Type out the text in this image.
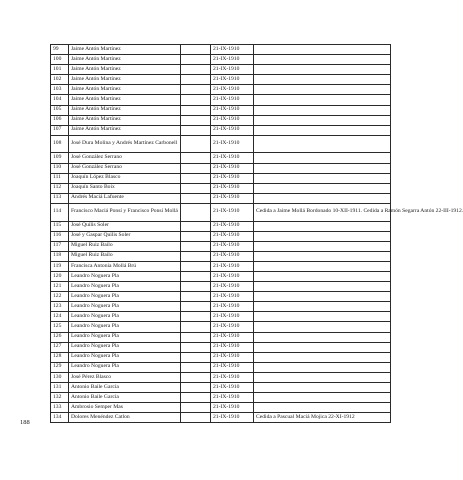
188
99	Jaime Antón Martínez		21-IX-1910	
100	Jaime Antón Martínez		21-IX-1910	
101	Jaime Antón Martínez		21-IX-1910	
102	Jaime Antón Martínez		21-IX-1910	
103	Jaime Antón Martínez		21-IX-1910	
104	Jaime Antón Martínez		21-IX-1910	
105	Jaime Antón Martínez		21-IX-1910	
106	Jaime Antón Martínez		21-IX-1910	
107	Jaime Antón Martínez		21-IX-1910	
108	José Dura Molina y Andrés Martínez Carbonell		21-IX-1910	
109	José González Serrano		21-IX-1910	
110	José González Serrano		21-IX-1910	
111	Joaquín López Blasco		21-IX-1910	
112	Joaquín Santo Boix		21-IX-1910	
113	Andrés Maciá Lafuente		21-IX-1910	
114	Francisco Maciá Ponsí y Francisco Ponsí Mollá		21-IX-1910	Cedida a Jaime Mollá Bordonado 10-XII-1911. Cedida a Ramón Segarra Antón 22-III-1912.
115	José Quilis Soler		21-IX-1910	
116	José y Gaspar Quilis Soler		21-IX-1910	
117	Miguel Ruiz Bailo		21-IX-1910	
118	Miguel Ruiz Bailo		21-IX-1910	
119	Francisca Antonia Mollá Brú		21-IX-1910	
120	Leandro Noguera Pla		21-IX-1910	
121	Leandro Noguera Pla		21-IX-1910	
122	Leandro Noguera Pla		21-IX-1910	
123	Leandro Noguera Pla		21-IX-1910	
124	Leandro Noguera Pla		21-IX-1910	
125	Leandro Noguera Pla		21-IX-1910	
126	Leandro Noguera Pla		21-IX-1910	
127	Leandro Noguera Pla		21-IX-1910	
128	Leandro Noguera Pla		21-IX-1910	
129	Leandro Noguera Pla		21-IX-1910	
130	José Pérez Blasco		21-IX-1910	
131	Antonio Baile García		21-IX-1910	
132	Antonio Baile García		21-IX-1910	
133	Ambrosio Semper Mas		21-IX-1910	
134	Dolores Menéndez Catlon		21-IX-1910	Cedida a Pascual Maciá Mojica 22-XI-1912
